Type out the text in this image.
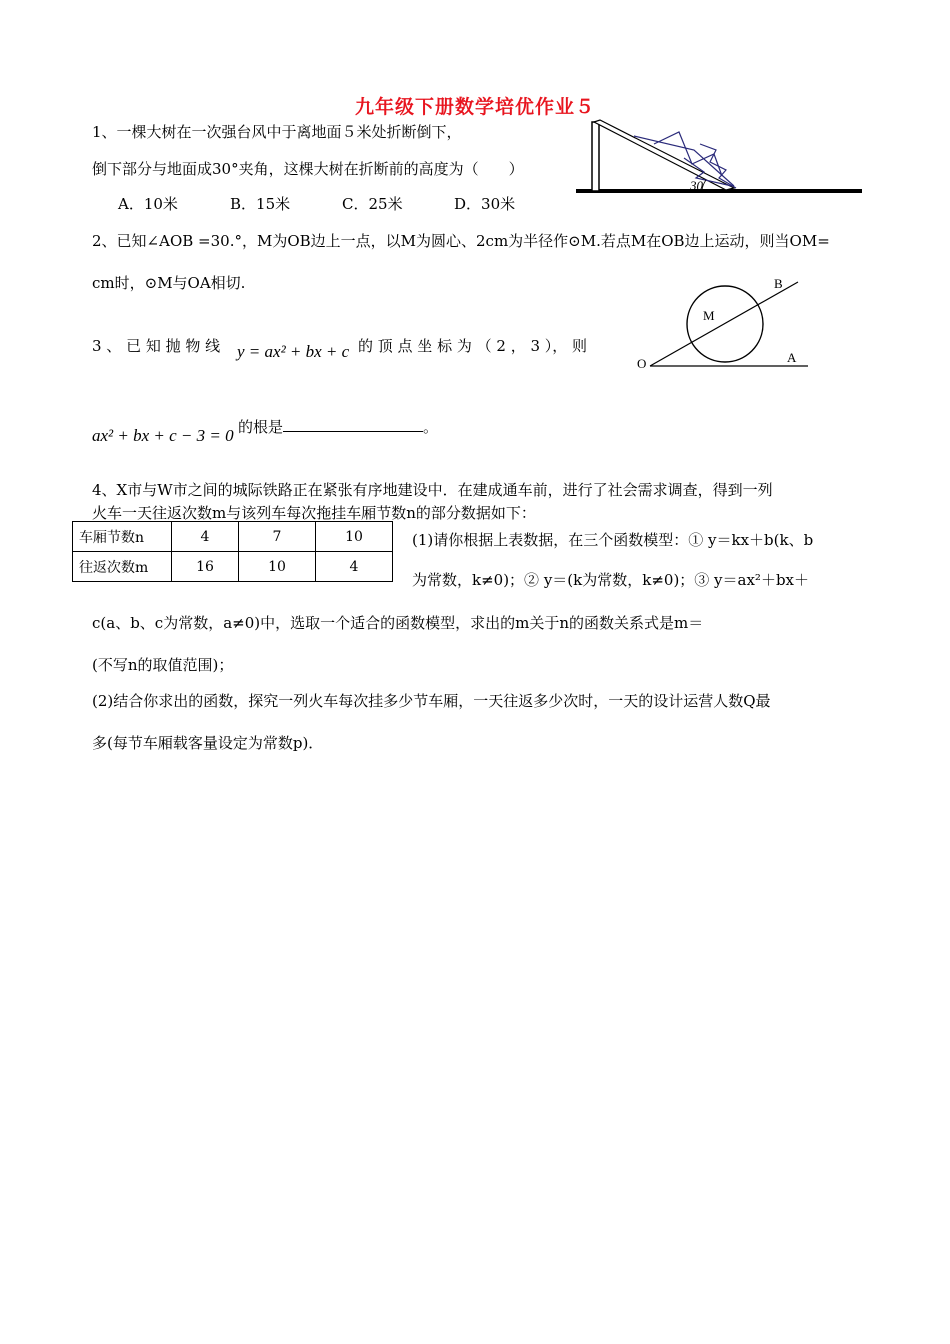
九年级下册数学培优作业５
1、一棵大树在一次强台风中于离地面５米处折断倒下，
倒下部分与地面成30°夹角，这棵大树在折断前的高度为（　　）
A．10米	B．15米	C．25米	D．30米
30
2、已知∠AOB =30.°，M为OB边上一点，以M为圆心、2cm为半径作⊙M.若点M在OB边上运动，则当OM=
cm时，⊙M与OA相切.	B
M
O	A
3 、 已 知 抛 物 线 y = ax² + bx + c 的 顶 点 坐 标 为 （ 2 ， 3 ）， 则
ax² + bx + c − 3 = 0 的根是	。
4、X市与W市之间的城际铁路正在紧张有序地建设中．在建成通车前，进行了社会需求调查，得到一列
火车一天往返次数m与该列车每次拖挂车厢节数n的部分数据如下：
车厢节数n	4	7	10
往返次数m	16	10	4
(1)请你根据上表数据，在三个函数模型：① y＝kx＋b(k、b
为常数，k≠0)；② y＝(k为常数，k≠0)；③ y＝ax²＋bx＋
c(a、b、c为常数，a≠0)中，选取一个适合的函数模型，求出的m关于n的函数关系式是m＝
(不写n的取值范围)；
(2)结合你求出的函数，探究一列火车每次挂多少节车厢，一天往返多少次时，一天的设计运营人数Q最
多(每节车厢载客量设定为常数p)．
